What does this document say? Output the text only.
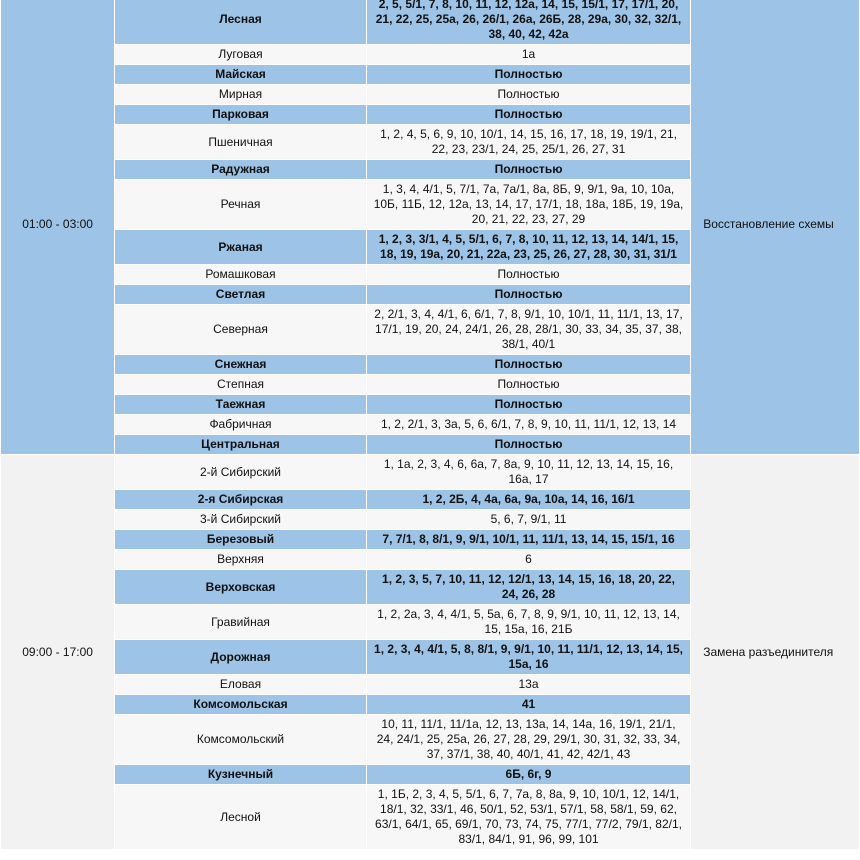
01:00 - 03:00	Лесная	2, 5, 5/1, 7, 8, 10, 11, 12, 12а, 14, 15, 15/1, 17, 17/1, 20, 21, 22, 25, 25а, 26, 26/1, 26а, 26Б, 28, 29а, 30, 32, 32/1, 38, 40, 42, 42а	Восстановление схемы
	Луговая	1а	
	Майская	Полностью	
	Мирная	Полностью	
	Парковая	Полностью	
	Пшеничная	1, 2, 4, 5, 6, 9, 10, 10/1, 14, 15, 16, 17, 18, 19, 19/1, 21, 22, 23, 23/1, 24, 25, 25/1, 26, 27, 31	
	Радужная	Полностью	
	Речная	1, 3, 4, 4/1, 5, 7/1, 7а, 7а/1, 8а, 8Б, 9, 9/1, 9а, 10, 10а, 10Б, 11Б, 12, 12а, 13, 14, 17, 17/1, 18, 18а, 18Б, 19, 19а, 20, 21, 22, 23, 27, 29	
	Ржаная	1, 2, 3, 3/1, 4, 5, 5/1, 6, 7, 8, 10, 11, 12, 13, 14, 14/1, 15, 18, 19, 19а, 20, 21, 22а, 23, 25, 26, 27, 28, 30, 31, 31/1	
	Ромашковая	Полностью	
	Светлая	Полностью	
	Северная	2, 2/1, 3, 4, 4/1, 6, 6/1, 7, 8, 9/1, 10, 10/1, 11, 11/1, 13, 17, 17/1, 19, 20, 24, 24/1, 26, 28, 28/1, 30, 33, 34, 35, 37, 38, 38/1, 40/1	
	Снежная	Полностью	
	Степная	Полностью	
	Таежная	Полностью	
	Фабричная	1, 2, 2/1, 3, 3а, 5, 6, 6/1, 7, 8, 9, 10, 11, 11/1, 12, 13, 14	
	Центральная	Полностью	
09:00 - 17:00	2-й Сибирский	1, 1а, 2, 3, 4, 6, 6а, 7, 8а, 9, 10, 11, 12, 13, 14, 15, 16, 16а, 17	Замена разъединителя
	2-я Сибирская	1, 2, 2Б, 4, 4а, 6а, 9а, 10а, 14, 16, 16/1	
	3-й Сибирский	5, 6, 7, 9/1, 11	
	Березовый	7, 7/1, 8, 8/1, 9, 9/1, 10/1, 11, 11/1, 13, 14, 15, 15/1, 16	
	Верхняя	6	
	Верховская	1, 2, 3, 5, 7, 10, 11, 12, 12/1, 13, 14, 15, 16, 18, 20, 22, 24, 26, 28	
	Гравийная	1, 2, 2а, 3, 4, 4/1, 5, 5а, 6, 7, 8, 9, 9/1, 10, 11, 12, 13, 14, 15, 15а, 16, 21Б	
	Дорожная	1, 2, 3, 4, 4/1, 5, 8, 8/1, 9, 9/1, 10, 11, 11/1, 12, 13, 14, 15, 15а, 16	
	Еловая	13а	
	Комсомольская	41	
	Комсомольский	10, 11, 11/1, 11/1а, 12, 13, 13а, 14, 14а, 16, 19/1, 21/1, 24, 24/1, 25, 25а, 26, 27, 28, 29, 29/1, 30, 31, 32, 33, 34, 37, 37/1, 38, 40, 40/1, 41, 42, 42/1, 43	
	Кузнечный	6Б, 6г, 9	
	Лесной	1, 1Б, 2, 3, 4, 5, 5/1, 6, 7, 7а, 8, 8а, 9, 10, 10/1, 12, 14/1, 18/1, 32, 33/1, 46, 50/1, 52, 53/1, 57/1, 58, 58/1, 59, 62, 63/1, 64/1, 65, 69/1, 70, 73, 74, 75, 77/1, 77/2, 79/1, 82/1, 83/1, 84/1, 91, 96, 99, 101	
